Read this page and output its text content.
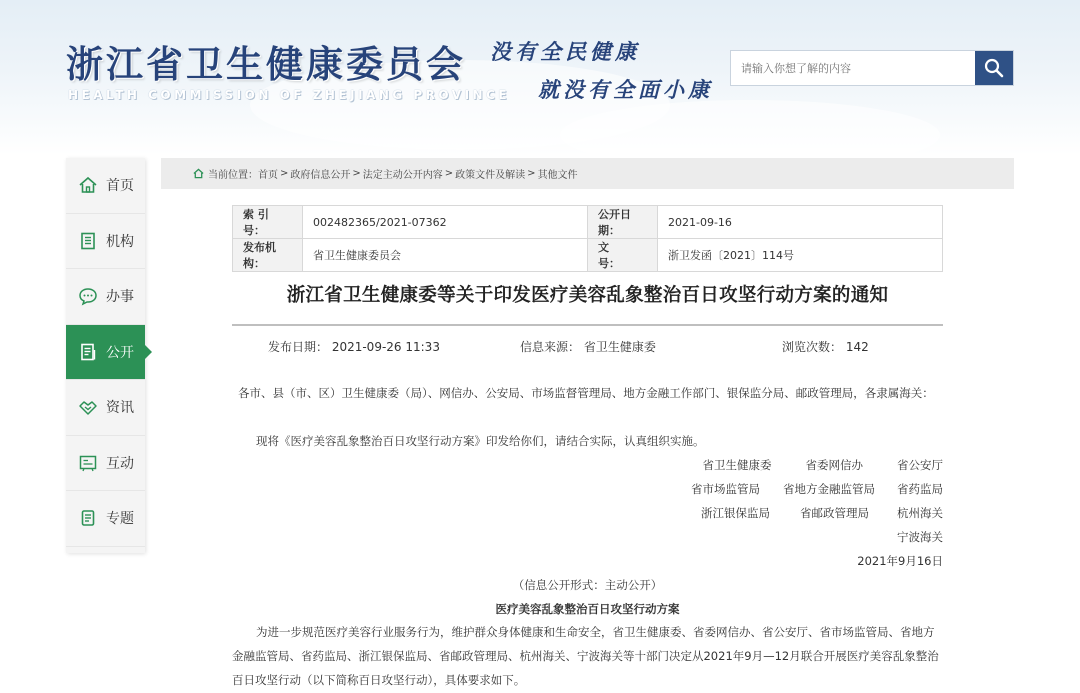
浙江省卫生健康委员会
HEALTH COMMISSION OF ZHEJIANG PROVINCE
没有全民健康
就没有全面小康
请输入你想了解的内容
首页
机构
办事
公开
资讯
互动
专题
当前位置： 首页 > 政府信息公开 > 法定主动公开内容 > 政策文件及解读 > 其他文件
索 引 号：	002482365/2021-07362	公开日期：	2021-09-16
发布机构：	省卫生健康委员会	文　　号：	浙卫发函〔2021〕114号
浙江省卫生健康委等关于印发医疗美容乱象整治百日攻坚行动方案的通知
发布日期： 2021-09-26 11:33	信息来源： 省卫生健康委	浏览次数： 142
各市、县（市、区）卫生健康委（局）、网信办、公安局、市场监督管理局、地方金融工作部门、银保监分局、邮政管理局，各隶属海关：
现将《医疗美容乱象整治百日攻坚行动方案》印发给你们，请结合实际，认真组织实施。
省卫生健康委	省委网信办	省公安厅
省市场监管局 省地方金融监管局 省药监局
浙江银保监局	省邮政管理局 杭州海关
宁波海关
2021年9月16日
（信息公开形式：主动公开）
医疗美容乱象整治百日攻坚行动方案
为进一步规范医疗美容行业服务行为，维护群众身体健康和生命安全，省卫生健康委、省委网信办、省公安厅、省市场监管局、省地方金融监管局、省药监局、浙江银保监局、省邮政管理局、杭州海关、宁波海关等十部门决定从2021年9月—12月联合开展医疗美容乱象整治百日攻坚行动（以下简称百日攻坚行动），具体要求如下。
